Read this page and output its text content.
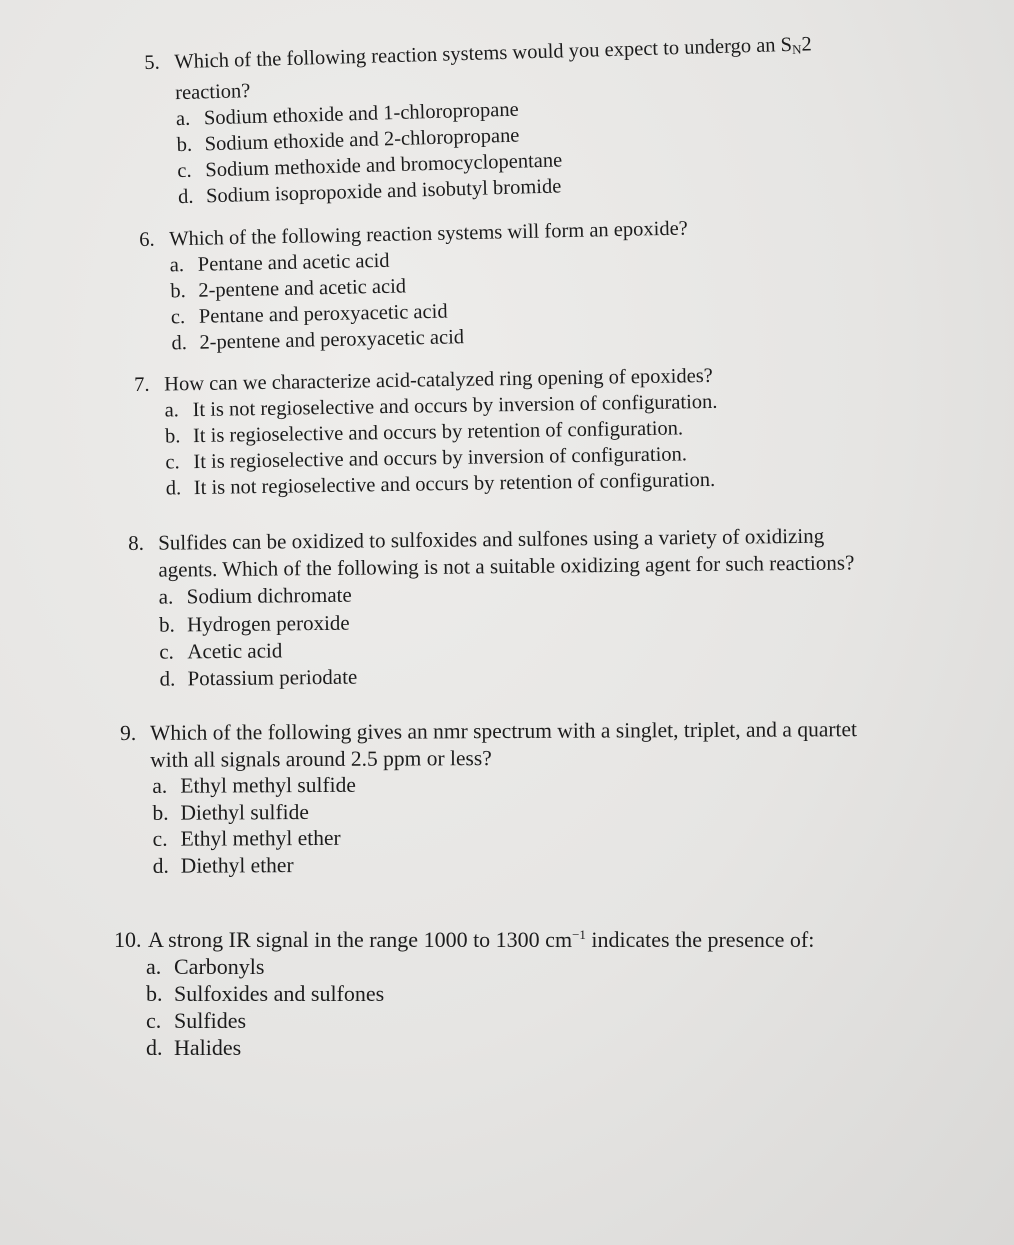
5. Which of the following reaction systems would you expect to undergo an $S_N2$
reaction?
a. Sodium ethoxide and 1-chloropropane
b. Sodium ethoxide and 2-chloropropane
c. Sodium methoxide and bromocyclopentane
d. Sodium isopropoxide and isobutyl bromide
6. Which of the following reaction systems will form an epoxide?
a. Pentane and acetic acid
b. 2-pentene and acetic acid
c. Pentane and peroxyacetic acid
d. 2-pentene and peroxyacetic acid
7. How can we characterize acid-catalyzed ring opening of epoxides?
a. It is not regioselective and occurs by inversion of configuration.
b. It is regioselective and occurs by retention of configuration.
c. It is regioselective and occurs by inversion of configuration.
d. It is not regioselective and occurs by retention of configuration.
8. Sulfides can be oxidized to sulfoxides and sulfones using a variety of oxidizing
agents. Which of the following is not a suitable oxidizing agent for such reactions?
a. Sodium dichromate
b. Hydrogen peroxide
c. Acetic acid
d. Potassium periodate
9. Which of the following gives an nmr spectrum with a singlet, triplet, and a quartet
with all signals around 2.5 ppm or less?
a. Ethyl methyl sulfide
b. Diethyl sulfide
c. Ethyl methyl ether
d. Diethyl ether
10. A strong IR signal in the range 1000 to 1300 $cm^{-1}$ indicates the presence of:
a. Carbonyls
b. Sulfoxides and sulfones
c. Sulfides
d. Halides
